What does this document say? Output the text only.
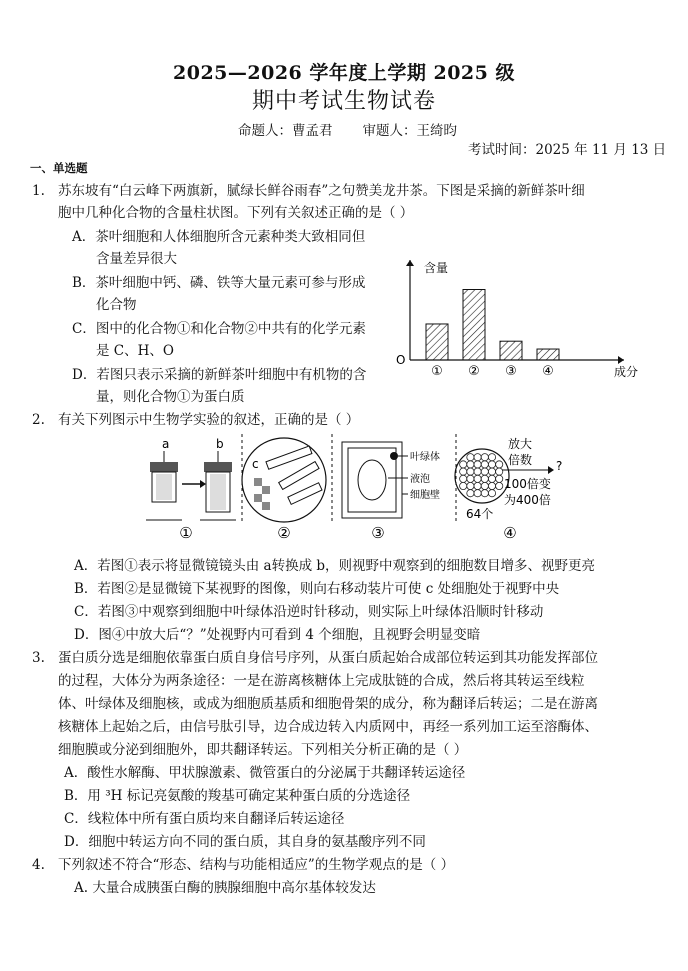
2025—2026 学年度上学期 2025 级
期中考试生物试卷
命题人：曹孟君 审题人：王绮昀
考试时间：2025 年 11 月 13 日
一、单选题
1. 苏东坡有“白云峰下两旗新，腻绿长鲜谷雨春”之句赞美龙井茶。下图是采摘的新鲜茶叶细
胞中几种化合物的含量柱状图。下列有关叙述正确的是（ ）
A．茶叶细胞和人体细胞所含元素种类大致相同但
含量差异很大
B．茶叶细胞中钙、磷、铁等大量元素可参与形成
化合物
C．图中的化合物①和化合物②中共有的化学元素
是 C、H、O
D．若图只表示采摘的新鲜茶叶细胞中有机物的含
量，则化合物①为蛋白质
含量
成分
O
① ② ③ ④
2. 有关下列图示中生物学实验的叙述，正确的是（ ）
a	b
①
c
②
叶绿体
液泡
细胞壁
③
放大
倍数 ?
100倍变
为400倍
64个
④
A．若图①表示将显微镜镜头由 a转换成 b，则视野中观察到的细胞数目增多、视野更亮
B．若图②是显微镜下某视野的图像，则向右移动装片可使 c 处细胞处于视野中央
C．若图③中观察到细胞中叶绿体沿逆时针移动，则实际上叶绿体沿顺时针移动
D．图④中放大后“？”处视野内可看到 4 个细胞，且视野会明显变暗
3. 蛋白质分选是细胞依靠蛋白质自身信号序列，从蛋白质起始合成部位转运到其功能发挥部位
的过程，大体分为两条途径：一是在游离核糖体上完成肽链的合成，然后将其转运至线粒
体、叶绿体及细胞核，或成为细胞质基质和细胞骨架的成分，称为翻译后转运；二是在游离
核糖体上起始之后，由信号肽引导，边合成边转入内质网中，再经一系列加工运至溶酶体、
细胞膜或分泌到细胞外，即共翻译转运。下列相关分析正确的是（ ）
A．酸性水解酶、甲状腺激素、微管蛋白的分泌属于共翻译转运途径
B．用 ³H 标记亮氨酸的羧基可确定某种蛋白质的分选途径
C．线粒体中所有蛋白质均来自翻译后转运途径
D．细胞中转运方向不同的蛋白质，其自身的氨基酸序列不同
4. 下列叙述不符合“形态、结构与功能相适应”的生物学观点的是（ ）
A. 大量合成胰蛋白酶的胰腺细胞中高尔基体较发达
